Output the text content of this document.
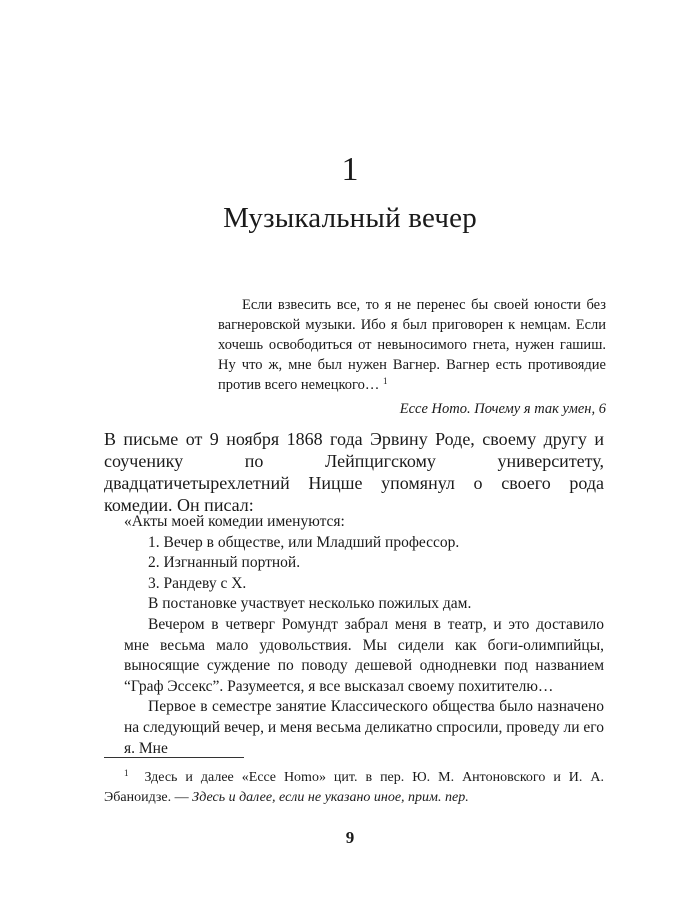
1
Музыкальный вечер

Если взвесить все, то я не перенес бы своей юности без вагнеровской музыки. Ибо я был приговорен к немцам. Если хочешь освободиться от невыносимого гнета, нужен гашиш. Ну что ж, мне был нужен Вагнер. Вагнер есть противоядие против всего немецкого… $^1$

Ecce Homo. Почему я так умен, 6

В письме от 9 ноября 1868 года Эрвину Роде, своему другу и соученику по Лейпцигскому университету, двадцатичетырехлетний Ницше упомянул о своего рода комедии. Он писал:

«Акты моей комедии именуются:

1. Вечер в обществе, или Младший профессор.

2. Изгнанный портной.

3. Рандеву с Х.

В постановке участвует несколько пожилых дам.

Вечером в четверг Ромундт забрал меня в театр, и это доставило мне весьма мало удовольствия. Мы сидели как боги-олимпийцы, выносящие суждение по поводу дешевой однодневки под названием “Граф Эссекс”. Разумеется, я все высказал своему похитителю…

Первое в семестре занятие Классического общества было назначено на следующий вечер, и меня весьма деликатно спросили, проведу ли его я. Мне

$^1$ Здесь и далее «Ecce Homo» цит. в пер. Ю. М. Антоновского и И. А. Эбаноидзе. — Здесь и далее, если не указано иное, прим. пер.

9
